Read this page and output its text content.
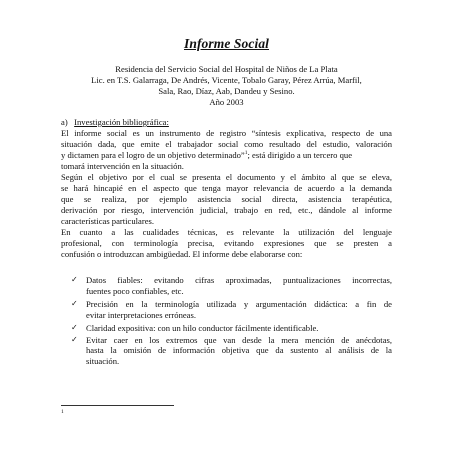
Informe Social
Residencia del Servicio Social del Hospital de Niños de La Plata
Lic. en T.S. Galarraga, De Andrés, Vicente, Tobalo Garay, Pérez Arrúa, Marfil,
Sala, Rao, Díaz, Aab, Dandeu y Sesino.
Año 2003
a) Investigación bibliográfica:
El informe social es un instrumento de registro “síntesis explicativa, respecto de una
situación dada, que emite el trabajador social como resultado del estudio, valoración
y dictamen para el logro de un objetivo determinado”$^1$; está dirigido a un tercero que
tomará intervención en la situación.
Según el objetivo por el cual se presenta el documento y el ámbito al que se eleva,
se hará hincapié en el aspecto que tenga mayor relevancia de acuerdo a la demanda
que se realiza, por ejemplo asistencia social directa, asistencia terapéutica,
derivación por riesgo, intervención judicial, trabajo en red, etc., dándole al informe
características particulares.
En cuanto a las cualidades técnicas, es relevante la utilización del lenguaje
profesional, con terminología precisa, evitando expresiones que se presten a
confusión o introduzcan ambigüedad. El informe debe elaborarse con:
✓ Datos fiables: evitando cifras aproximadas, puntualizaciones incorrectas,
fuentes poco confiables, etc.
✓ Precisión en la terminología utilizada y argumentación didáctica: a fin de
evitar interpretaciones erróneas.
✓ Claridad expositiva: con un hilo conductor fácilmente identificable.
✓ Evitar caer en los extremos que van desde la mera mención de anécdotas,
hasta la omisión de información objetiva que da sustento al análisis de la
situación.
1
